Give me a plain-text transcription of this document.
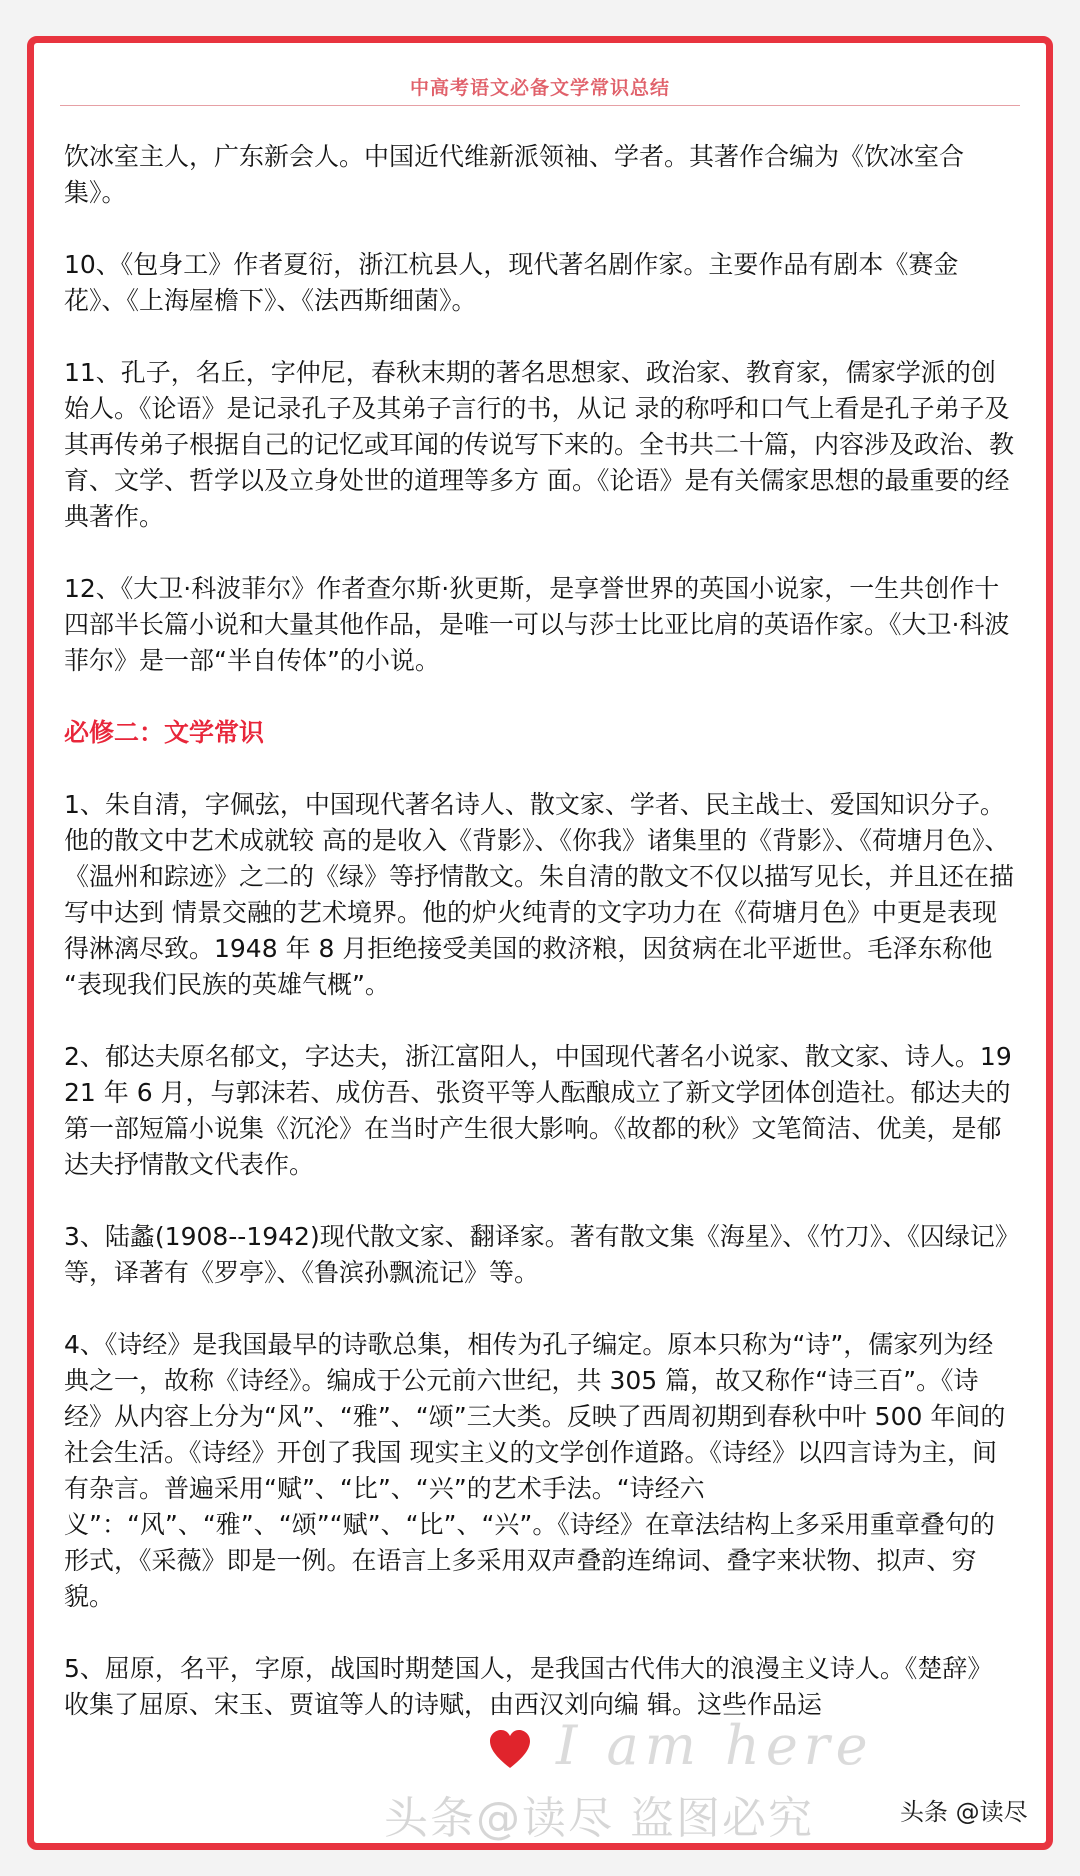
中高考语文必备文学常识总结

饮冰室主人，广东新会人。中国近代维新派领袖、学者。其著作合编为《饮冰室合集》。

10、《包身工》作者夏衍，浙江杭县人，现代著名剧作家。主要作品有剧本《赛金花》、《上海屋檐下》、《法西斯细菌》。

11、孔子，名丘，字仲尼，春秋末期的著名思想家、政治家、教育家，儒家学派的创始人。《论语》是记录孔子及其弟子言行的书，从记 录的称呼和口气上看是孔子弟子及其再传弟子根据自己的记忆或耳闻的传说写下来的。全书共二十篇，内容涉及政治、教育、文学、哲学以及立身处世的道理等多方 面。《论语》是有关儒家思想的最重要的经典著作。

12、《大卫·科波菲尔》作者查尔斯·狄更斯，是享誉世界的英国小说家，一生共创作十四部半长篇小说和大量其他作品，是唯一可以与莎士比亚比肩的英语作家。《大卫·科波菲尔》是一部“半自传体”的小说。

必修二：文学常识

1、朱自清，字佩弦，中国现代著名诗人、散文家、学者、民主战士、爱国知识分子。他的散文中艺术成就较 高的是收入《背影》、《你我》诸集里的《背影》、《荷塘月色》、《温州和踪迹》之二的《绿》等抒情散文。朱自清的散文不仅以描写见长，并且还在描写中达到 情景交融的艺术境界。他的炉火纯青的文字功力在《荷塘月色》中更是表现得淋漓尽致。1948 年 8 月拒绝接受美国的救济粮，因贫病在北平逝世。毛泽东称他 “表现我们民族的英雄气概”。

2、郁达夫原名郁文，字达夫，浙江富阳人，中国现代著名小说家、散文家、诗人。1921 年 6 月，与郭沫若、成仿吾、张资平等人酝酿成立了新文学团体创造社。郁达夫的第一部短篇小说集《沉沦》在当时产生很大影响。《故都的秋》文笔简洁、优美，是郁达夫抒情散文代表作。

3、陆蠡(1908--1942)现代散文家、翻译家。著有散文集《海星》、《竹刀》、《囚绿记》等，译著有《罗亭》、《鲁滨孙飘流记》等。

4、《诗经》是我国最早的诗歌总集，相传为孔子编定。原本只称为“诗”，儒家列为经典之一，故称《诗经》。编成于公元前六世纪，共 305 篇，故又称作“诗三百”。《诗经》从内容上分为“风”、“雅”、“颂”三大类。反映了西周初期到春秋中叶 500 年间的社会生活。《诗经》开创了我国 现实主义的文学创作道路。《诗经》以四言诗为主，间有杂言。普遍采用“赋”、“比”、“兴”的艺术手法。“诗经六义”：“风”、“雅”、“颂”“赋”、“比”、“兴”。《诗经》在章法结构上多采用重章叠句的形式，《采薇》即是一例。在语言上多采用双声叠韵连绵词、叠字来状物、拟声、穷貌。

5、屈原，名平，字原，战国时期楚国人，是我国古代伟大的浪漫主义诗人。《楚辞》收集了屈原、宋玉、贾谊等人的诗赋，由西汉刘向编 辑。这些作品运

I am here
头条@读尽 盗图必究	头条 @读尽
